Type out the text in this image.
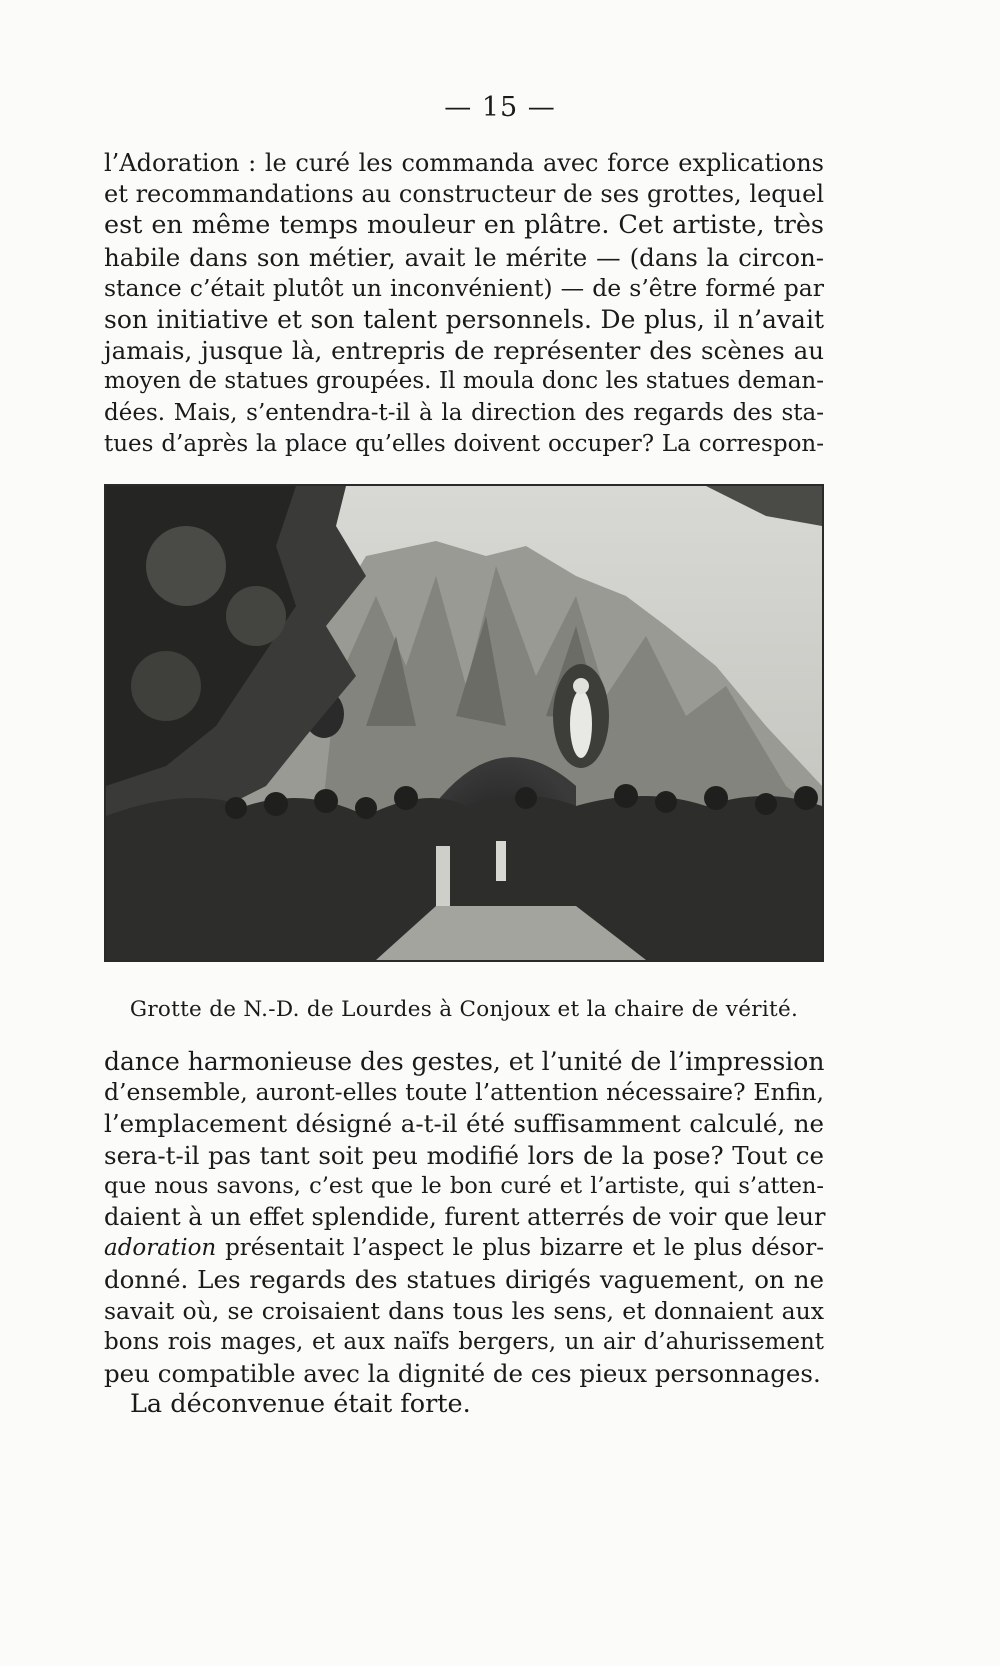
— 15 —
l’Adoration : le curé les commanda avec force explications
et recommandations au constructeur de ses grottes, lequel
est en même temps mouleur en plâtre. Cet artiste, très
habile dans son métier, avait le mérite — (dans la circon-
stance c’était plutôt un inconvénient) — de s’être formé par
son initiative et son talent personnels. De plus, il n’avait
jamais, jusque là, entrepris de représenter des scènes au
moyen de statues groupées. Il moula donc les statues deman-
dées. Mais, s’entendra-t-il à la direction des regards des sta-
tues d’après la place qu’elles doivent occuper? La correspon-
Grotte de N.-D. de Lourdes à Conjoux et la chaire de vérité.
dance harmonieuse des gestes, et l’unité de l’impression
d’ensemble, auront-elles toute l’attention nécessaire? Enfin,
l’emplacement désigné a-t-il été suffisamment calculé, ne
sera-t-il pas tant soit peu modifié lors de la pose? Tout ce
que nous savons, c’est que le bon curé et l’artiste, qui s’atten-
daient à un effet splendide, furent atterrés de voir que leur
adoration présentait l’aspect le plus bizarre et le plus désor-
donné. Les regards des statues dirigés vaguement, on ne
savait où, se croisaient dans tous les sens, et donnaient aux
bons rois mages, et aux naïfs bergers, un air d’ahurissement
peu compatible avec la dignité de ces pieux personnages.
La déconvenue était forte.
